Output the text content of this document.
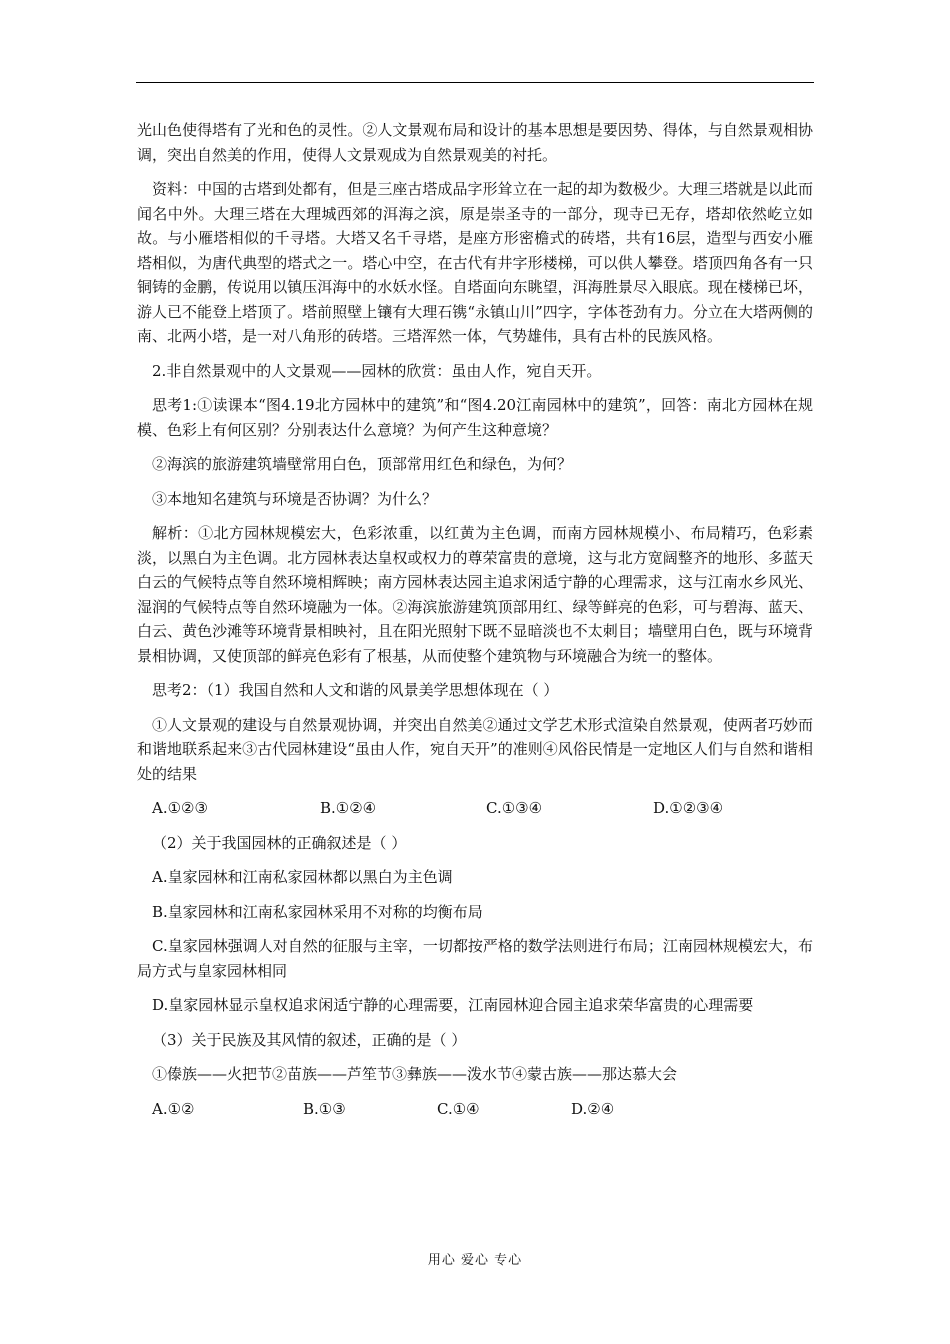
光山色使得塔有了光和色的灵性。②人文景观布局和设计的基本思想是要因势、得体，与自然景观相协调，突出自然美的作用，使得人文景观成为自然景观美的衬托。

资料：中国的古塔到处都有，但是三座古塔成品字形耸立在一起的却为数极少。大理三塔就是以此而闻名中外。大理三塔在大理城西郊的洱海之滨，原是崇圣寺的一部分，现寺已无存，塔却依然屹立如故。与小雁塔相似的千寻塔。大塔又名千寻塔，是座方形密檐式的砖塔，共有16层，造型与西安小雁塔相似，为唐代典型的塔式之一。塔心中空，在古代有井字形楼梯，可以供人攀登。塔顶四角各有一只铜铸的金鹏，传说用以镇压洱海中的水妖水怪。自塔面向东眺望，洱海胜景尽入眼底。现在楼梯已坏，游人已不能登上塔顶了。塔前照壁上镶有大理石镌“永镇山川”四字，字体苍劲有力。分立在大塔两侧的南、北两小塔，是一对八角形的砖塔。三塔浑然一体，气势雄伟，具有古朴的民族风格。

2.非自然景观中的人文景观——园林的欣赏：虽由人作，宛自天开。

思考1:①读课本“图4.19北方园林中的建筑”和“图4.20江南园林中的建筑”，回答：南北方园林在规模、色彩上有何区别？分别表达什么意境？为何产生这种意境？

②海滨的旅游建筑墙壁常用白色，顶部常用红色和绿色，为何？

③本地知名建筑与环境是否协调？为什么？

解析：①北方园林规模宏大，色彩浓重，以红黄为主色调，而南方园林规模小、布局精巧，色彩素淡，以黑白为主色调。北方园林表达皇权或权力的尊荣富贵的意境，这与北方宽阔整齐的地形、多蓝天白云的气候特点等自然环境相辉映；南方园林表达园主追求闲适宁静的心理需求，这与江南水乡风光、湿润的气候特点等自然环境融为一体。②海滨旅游建筑顶部用红、绿等鲜亮的色彩，可与碧海、蓝天、白云、黄色沙滩等环境背景相映衬，且在阳光照射下既不显暗淡也不太刺目；墙壁用白色，既与环境背景相协调，又使顶部的鲜亮色彩有了根基，从而使整个建筑物与环境融合为统一的整体。

思考2：（1）我国自然和人文和谐的风景美学思想体现在（ ）

①人文景观的建设与自然景观协调，并突出自然美②通过文学艺术形式渲染自然景观，使两者巧妙而和谐地联系起来③古代园林建设“虽由人作，宛自天开”的准则④风俗民情是一定地区人们与自然和谐相处的结果

A.①②③	B.①②④	C.①③④	D.①②③④

（2）关于我国园林的正确叙述是（ ）

A.皇家园林和江南私家园林都以黑白为主色调

B.皇家园林和江南私家园林采用不对称的均衡布局

C.皇家园林强调人对自然的征服与主宰，一切都按严格的数学法则进行布局；江南园林规模宏大，布局方式与皇家园林相同

D.皇家园林显示皇权追求闲适宁静的心理需要，江南园林迎合园主追求荣华富贵的心理需要

（3）关于民族及其风情的叙述，正确的是（ ）

①傣族——火把节②苗族——芦笙节③彝族——泼水节④蒙古族——那达慕大会

A.①②	B.①③	C.①④	D.②④
用心 爱心 专心
